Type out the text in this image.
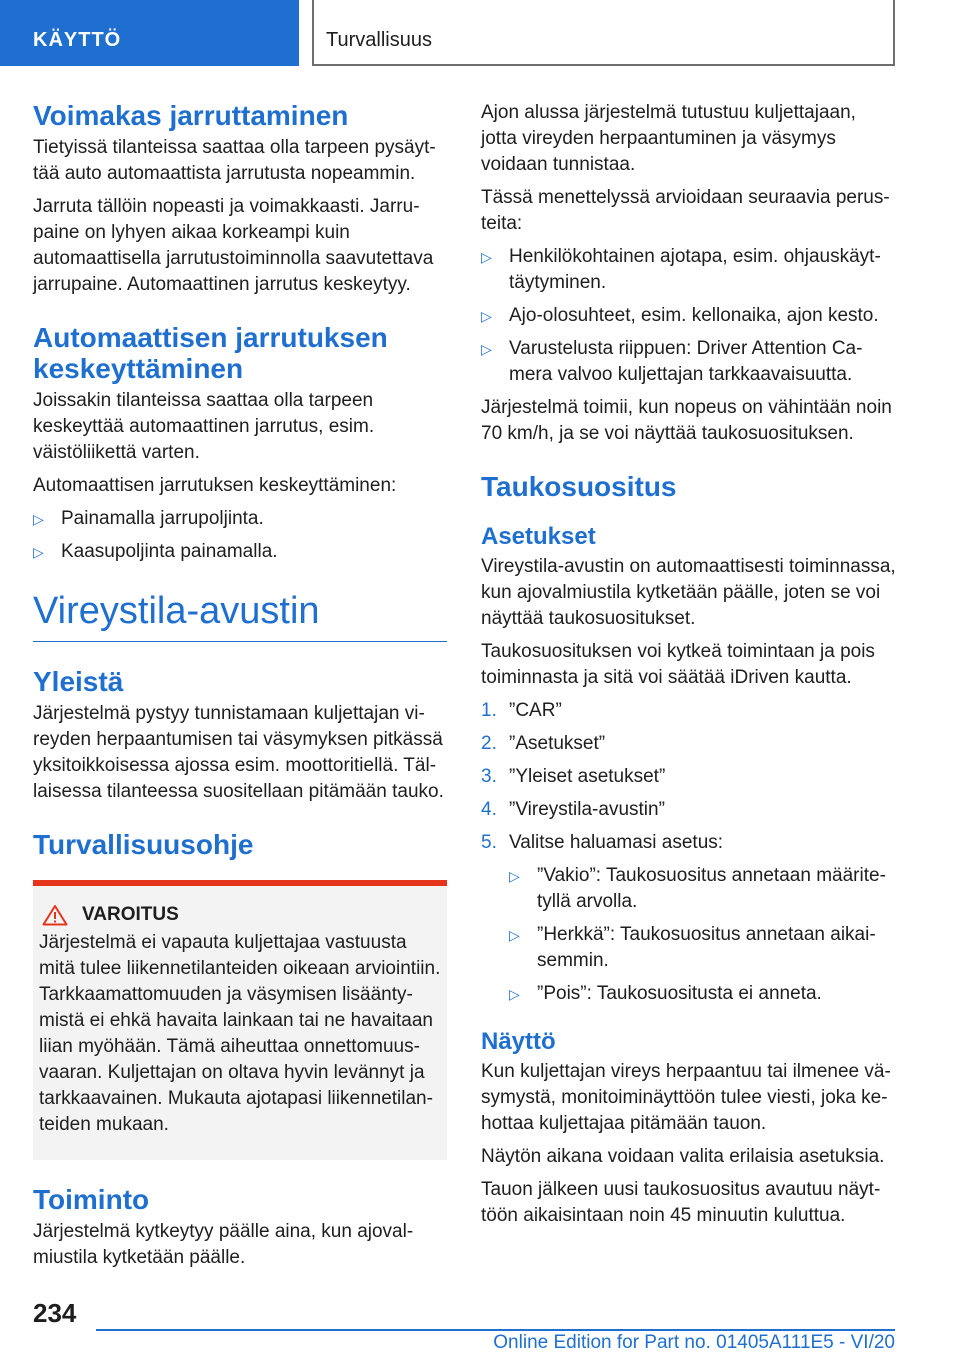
KÄYTTÖ	Turvallisuus
Voimakas jarruttaminen

Tietyissä tilanteissa saattaa olla tarpeen pysäyttää auto automaattista jarrutusta nopeammin.

Jarruta tällöin nopeasti ja voimakkaasti. Jarrupaine on lyhyen aikaa korkeampi kuin automaattisella jarrutustoiminnolla saavutettava jarrupaine. Automaattinen jarrutus keskeytyy.

Automaattisen jarrutuksen keskeyttäminen

Joissakin tilanteissa saattaa olla tarpeen keskeyttää automaattinen jarrutus, esim. väistöliikettä varten.

Automaattisen jarrutuksen keskeyttäminen:

▷ Painamalla jarrupoljinta.
▷ Kaasupoljinta painamalla.
Vireystila-avustin
Yleistä

Järjestelmä pystyy tunnistamaan kuljettajan vireyden herpaantumisen tai väsymyksen pitkässä yksitoikkoisessa ajossa esim. moottoritiellä. Tällaisessa tilanteessa suositellaan pitämään tauko.

Turvallisuusohje
VAROITUS

Järjestelmä ei vapauta kuljettajaa vastuusta mitä tulee liikennetilanteiden oikeaan arviointiin. Tarkkaamattomuuden ja väsymisen lisääntymistä ei ehkä havaita lainkaan tai ne havaitaan liian myöhään. Tämä aiheuttaa onnettomuusvaaran. Kuljettajan on oltava hyvin levännyt ja tarkkaavainen. Mukauta ajotapasi liikennetilanteiden mukaan.

Toiminto

Järjestelmä kytkeytyy päälle aina, kun ajovalmiustila kytketään päälle.

Ajon alussa järjestelmä tutustuu kuljettajaan, jotta vireyden herpaantuminen ja väsymys voidaan tunnistaa.

Tässä menettelyssä arvioidaan seuraavia perusteita:

▷ Henkilökohtainen ajotapa, esim. ohjauskäyttäytyminen.
▷ Ajo-olosuhteet, esim. kellonaika, ajon kesto.
▷ Varustelusta riippuen: Driver Attention Camera valvoo kuljettajan tarkkaavaisuutta.

Järjestelmä toimii, kun nopeus on vähintään noin 70 km/h, ja se voi näyttää taukosuosituksen.

Taukosuositus
Asetukset

Vireystila-avustin on automaattisesti toiminnassa, kun ajovalmiustila kytketään päälle, joten se voi näyttää taukosuositukset.

Taukosuosituksen voi kytkeä toimintaan ja pois toiminnasta ja sitä voi säätää iDriven kautta.

1. ”CAR”
2. ”Asetukset”
3. ”Yleiset asetukset”
4. ”Vireystila-avustin”
5. Valitse haluamasi asetus:
▷ ”Vakio”: Taukosuositus annetaan määritetyllä arvolla.
▷ ”Herkkä”: Taukosuositus annetaan aikaisemmin.
▷ ”Pois”: Taukosuositusta ei anneta.
Näyttö

Kun kuljettajan vireys herpaantuu tai ilmenee väsymystä, monitoiminäyttöön tulee viesti, joka kehottaa kuljettajaa pitämään tauon.

Näytön aikana voidaan valita erilaisia asetuksia.

Tauon jälkeen uusi taukosuositus avautuu näyttöön aikaisintaan noin 45 minuutin kuluttua.

234
Online Edition for Part no. 01405A111E5 - VI/20
